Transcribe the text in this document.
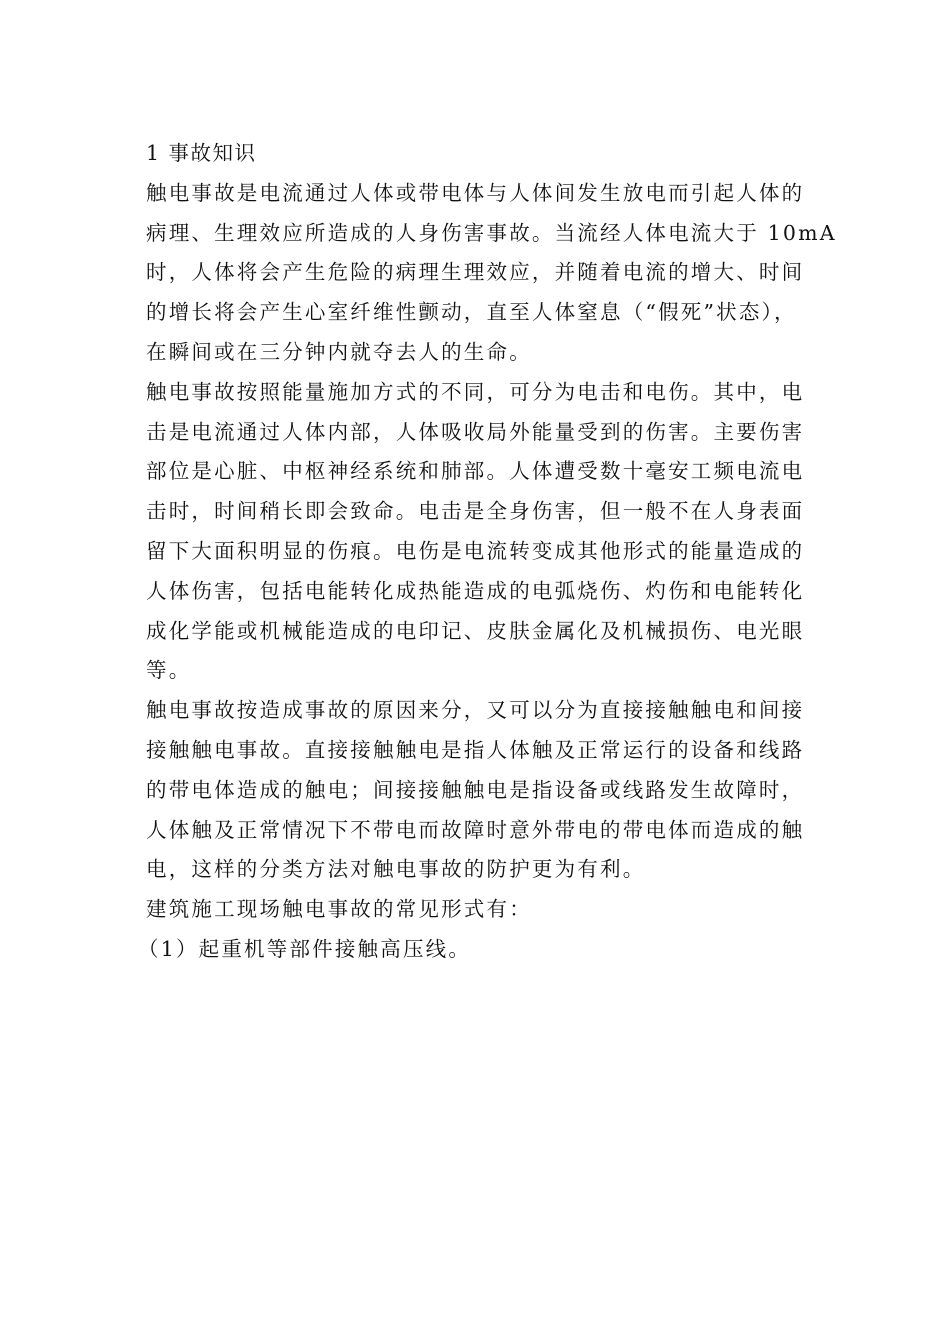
1 事故知识
触电事故是电流通过人体或带电体与人体间发生放电而引起人体的
病理、生理效应所造成的人身伤害事故。当流经人体电流大于 10mA
时，人体将会产生危险的病理生理效应，并随着电流的增大、时间
的增长将会产生心室纤维性颤动，直至人体窒息（“假死”状态），
在瞬间或在三分钟内就夺去人的生命。
触电事故按照能量施加方式的不同，可分为电击和电伤。其中，电
击是电流通过人体内部，人体吸收局外能量受到的伤害。主要伤害
部位是心脏、中枢神经系统和肺部。人体遭受数十毫安工频电流电
击时，时间稍长即会致命。电击是全身伤害，但一般不在人身表面
留下大面积明显的伤痕。电伤是电流转变成其他形式的能量造成的
人体伤害，包括电能转化成热能造成的电弧烧伤、灼伤和电能转化
成化学能或机械能造成的电印记、皮肤金属化及机械损伤、电光眼
等。
触电事故按造成事故的原因来分，又可以分为直接接触触电和间接
接触触电事故。直接接触触电是指人体触及正常运行的设备和线路
的带电体造成的触电；间接接触触电是指设备或线路发生故障时，
人体触及正常情况下不带电而故障时意外带电的带电体而造成的触
电，这样的分类方法对触电事故的防护更为有利。
建筑施工现场触电事故的常见形式有：
（1）起重机等部件接触高压线。
